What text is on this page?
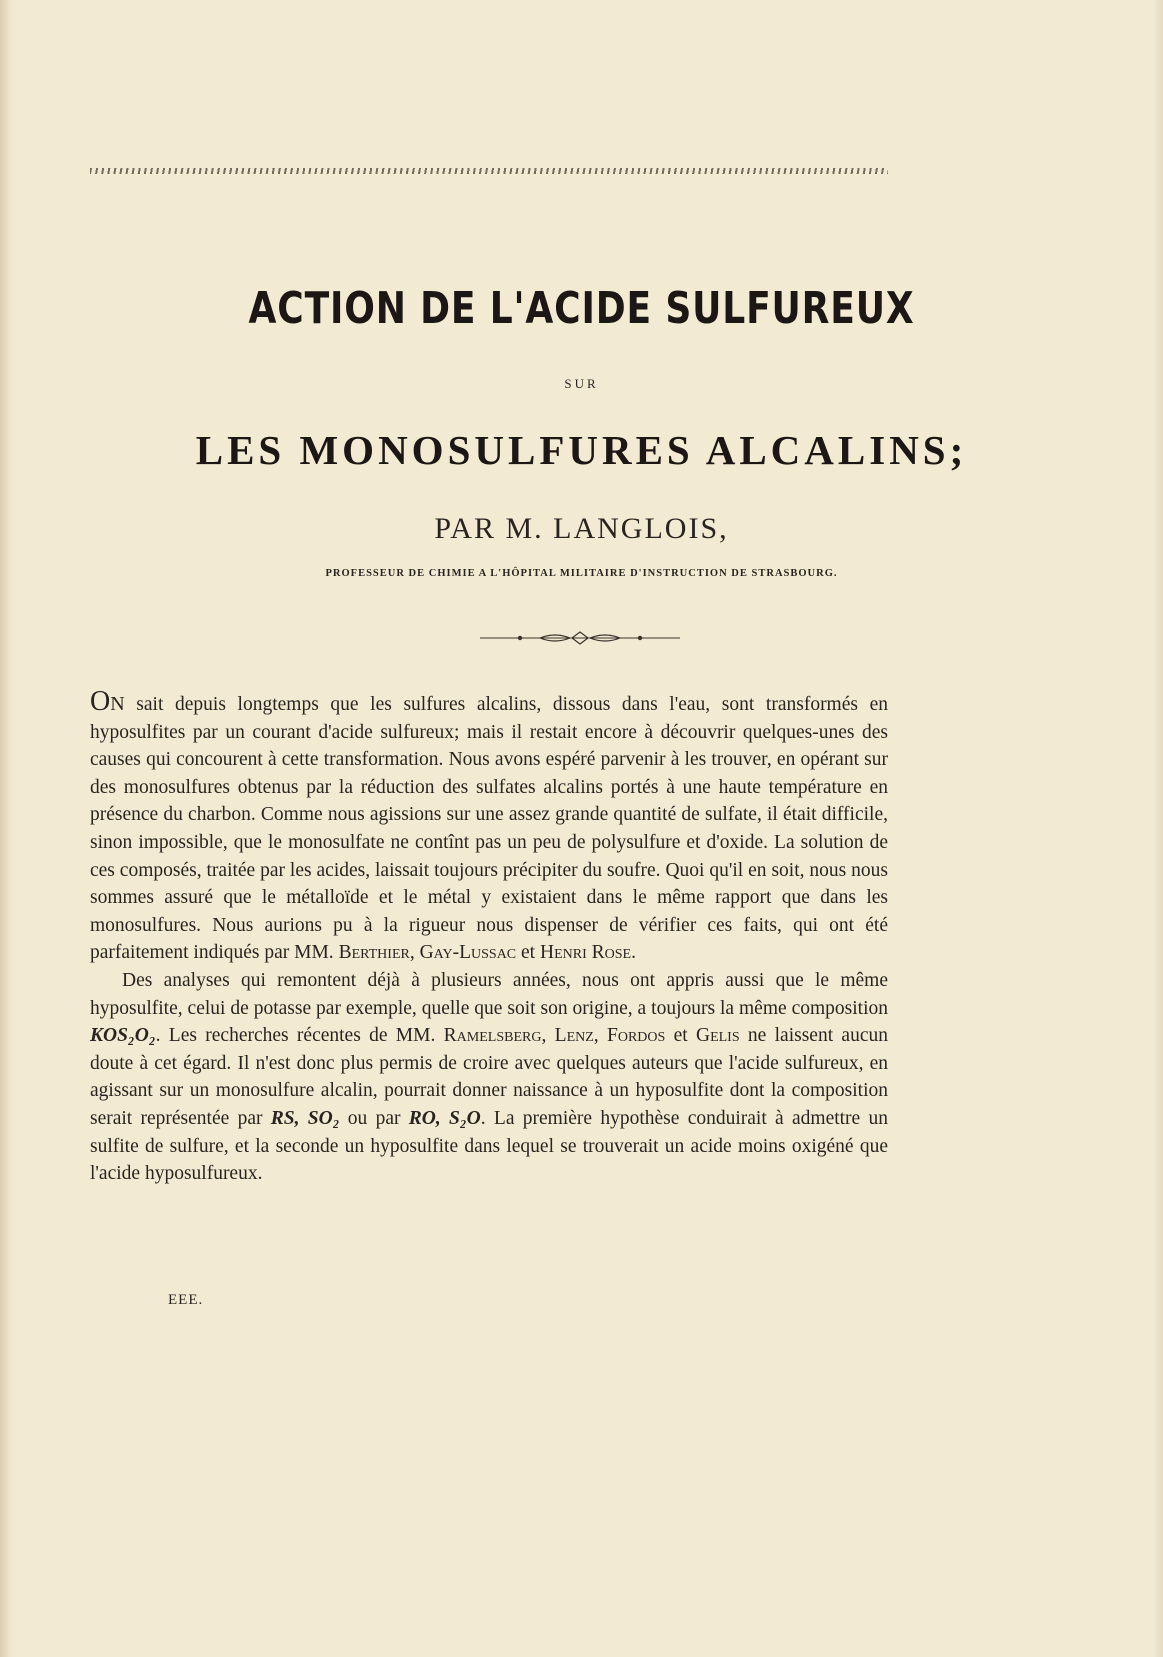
ACTION DE L'ACIDE SULFUREUX
SUR
LES MONOSULFURES ALCALINS;
PAR M. LANGLOIS,
PROFESSEUR DE CHIMIE A L'HÔPITAL MILITAIRE D'INSTRUCTION DE STRASBOURG.

On sait depuis longtemps que les sulfures alcalins, dissous dans l'eau, sont transformés en hyposulfites par un courant d'acide sulfureux; mais il restait encore à découvrir quelques-unes des causes qui concourent à cette transformation. Nous avons espéré parvenir à les trouver, en opérant sur des monosulfures obtenus par la réduction des sulfates alcalins portés à une haute température en présence du charbon. Comme nous agissions sur une assez grande quantité de sulfate, il était difficile, sinon impossible, que le monosulfate ne contînt pas un peu de polysulfure et d'oxide. La solution de ces composés, traitée par les acides, laissait toujours précipiter du soufre. Quoi qu'il en soit, nous nous sommes assuré que le métalloïde et le métal y existaient dans le même rapport que dans les monosulfures. Nous aurions pu à la rigueur nous dispenser de vérifier ces faits, qui ont été parfaitement indiqués par MM. Berthier, Gay-Lussac et Henri Rose.

Des analyses qui remontent déjà à plusieurs années, nous ont appris aussi que le même hyposulfite, celui de potasse par exemple, quelle que soit son origine, a toujours la même composition KOS₂O₂. Les recherches récentes de MM. Ramelsberg, Lenz, Fordos et Gelis ne laissent aucun doute à cet égard. Il n'est donc plus permis de croire avec quelques auteurs que l'acide sulfureux, en agissant sur un monosulfure alcalin, pourrait donner naissance à un hyposulfite dont la composition serait représentée par RS, SO₂ ou par RO, S₂O. La première hypothèse conduirait à admettre un sulfite de sulfure, et la seconde un hyposulfite dans lequel se trouverait un acide moins oxigéné que l'acide hyposulfureux.

EEE.
